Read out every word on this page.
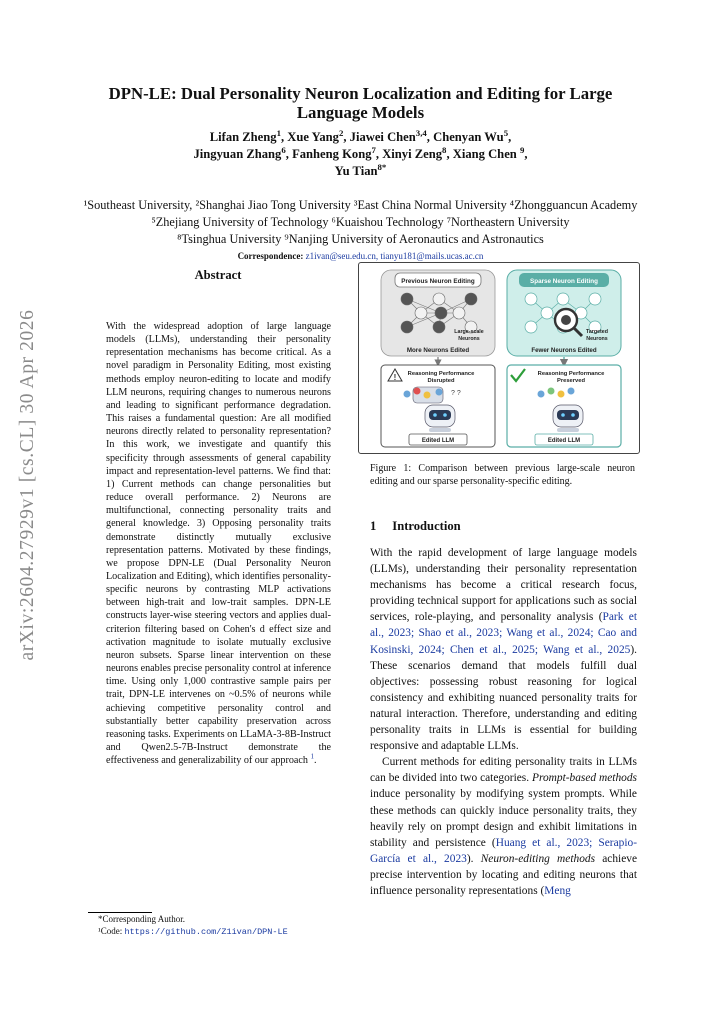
arXiv:2604.27929v1 [cs.CL] 30 Apr 2026
DPN-LE: Dual Personality Neuron Localization and Editing for Large Language Models
Lifan Zheng$^1$, Xue Yang$^2$, Jiawei Chen$^{3,4}$, Chenyan Wu$^5$,
Jingyuan Zhang$^6$, Fanheng Kong$^7$, Xinyi Zeng$^8$, Xiang Chen $^9$,
Yu Tian$^{8*}$
¹Southeast University, ²Shanghai Jiao Tong University ³East China Normal University ⁴Zhongguancun Academy
⁵Zhejiang University of Technology ⁶Kuaishou Technology ⁷Northeastern University
⁸Tsinghua University ⁹Nanjing University of Aeronautics and Astronautics
Correspondence: z1ivan@seu.edu.cn, tianyu181@mails.ucas.ac.cn
Abstract
With the widespread adoption of large language models (LLMs), understanding their personality representation mechanisms has become critical. As a novel paradigm in Personality Editing, most existing methods employ neuron-editing to locate and modify LLM neurons, requiring changes to numerous neurons and leading to significant performance degradation. This raises a fundamental question: Are all modified neurons directly related to personality representation? In this work, we investigate and quantify this specificity through assessments of general capability impact and representation-level patterns. We find that: 1) Current methods can change personalities but reduce overall performance. 2) Neurons are multifunctional, connecting personality traits and general knowledge. 3) Opposing personality traits demonstrate distinctly mutually exclusive representation patterns. Motivated by these findings, we propose DPN-LE (Dual Personality Neuron Localization and Editing), which identifies personality-specific neurons by contrasting MLP activations between high-trait and low-trait samples. DPN-LE constructs layer-wise steering vectors and applies dual-criterion filtering based on Cohen's d effect size and activation magnitude to isolate mutually exclusive neuron subsets. Sparse linear intervention on these neurons enables precise personality control at inference time. Using only 1,000 contrastive sample pairs per trait, DPN-LE intervenes on ~0.5% of neurons while achieving competitive personality control and substantially better capability preservation across reasoning tasks. Experiments on LLaMA-3-8B-Instruct and Qwen2.5-7B-Instruct demonstrate the effectiveness and generalizability of our approach $^1$.
*Corresponding Author.
¹Code: https://github.com/Z1ivan/DPN-LE
Previous Neuron Editing
Large-scale
Neurons
More Neurons Edited
! Reasoning Performance
Disrupted
? ?
Edited LLM
Sparse Neuron Editing
Targeted
Neurons
Fewer Neurons Edited
Reasoning Performance
Preserved
Edited LLM
Figure 1: Comparison between previous large-scale neuron editing and our sparse personality-specific editing.
1 Introduction

With the rapid development of large language models (LLMs), understanding their personality representation mechanisms has become a critical research focus, providing technical support for applications such as social services, role-playing, and personality analysis (Park et al., 2023; Shao et al., 2023; Wang et al., 2024; Cao and Kosinski, 2024; Chen et al., 2025; Wang et al., 2025). These scenarios demand that models fulfill dual objectives: possessing robust reasoning for logical consistency and exhibiting nuanced personality traits for natural interaction. Therefore, understanding and editing personality traits in LLMs is essential for building responsive and adaptable LLMs.

Current methods for editing personality traits in LLMs can be divided into two categories. Prompt-based methods induce personality by modifying system prompts. While these methods can quickly induce personality traits, they heavily rely on prompt design and exhibit limitations in stability and persistence (Huang et al., 2023; Serapio-García et al., 2023). Neuron-editing methods achieve precise intervention by locating and editing neurons that influence personality representations (Meng
